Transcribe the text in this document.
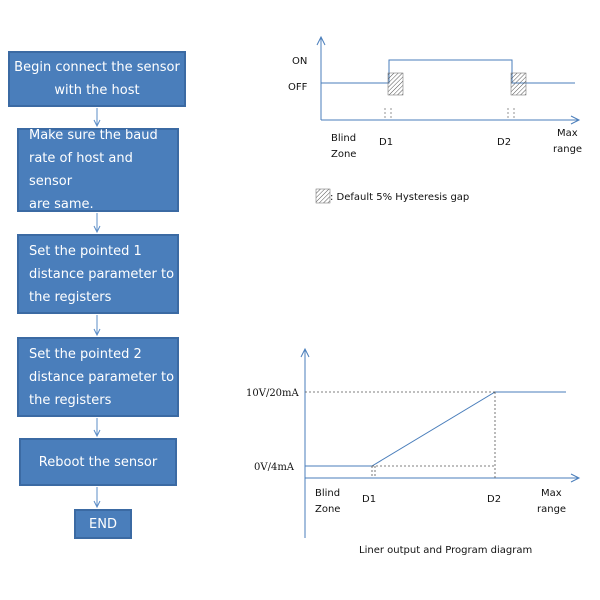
Begin connect the sensor
with the host
Make sure the baud
rate of host and sensor
are same.
Set the pointed 1
distance parameter to
the registers
Set the pointed 2
distance parameter to
the registers
Reboot the sensor
END
ON
OFF
Blind Zone
D1	D2
Max range
: Default 5% Hysteresis gap
10V/20mA
0V/4mA
Blind Zone
D1	D2
Max range
Liner output and Program diagram
